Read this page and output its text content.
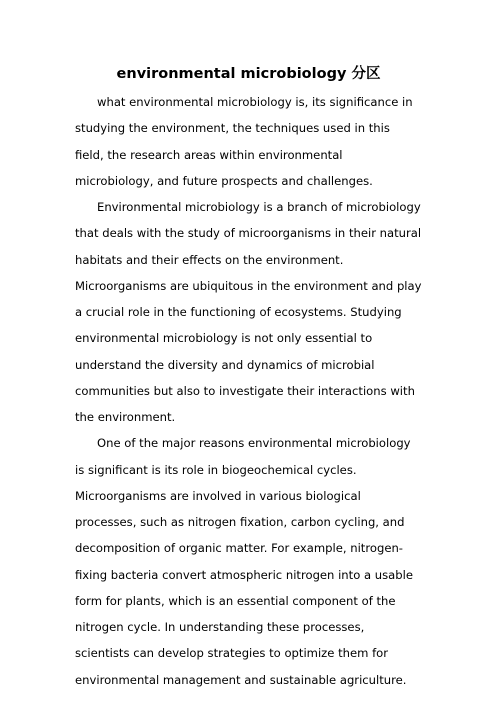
environmental microbiology 分区

what environmental microbiology is, its significance in studying the environment, the techniques used in this field, the research areas within environmental microbiology, and future prospects and challenges.

Environmental microbiology is a branch of microbiology that deals with the study of microorganisms in their natural habitats and their effects on the environment. Microorganisms are ubiquitous in the environment and play a crucial role in the functioning of ecosystems. Studying environmental microbiology is not only essential to understand the diversity and dynamics of microbial communities but also to investigate their interactions with the environment.

One of the major reasons environmental microbiology is significant is its role in biogeochemical cycles. Microorganisms are involved in various biological processes, such as nitrogen fixation, carbon cycling, and decomposition of organic matter. For example, nitrogen-fixing bacteria convert atmospheric nitrogen into a usable form for plants, which is an essential component of the nitrogen cycle. In understanding these processes, scientists can develop strategies to optimize them for environmental management and sustainable agriculture.
